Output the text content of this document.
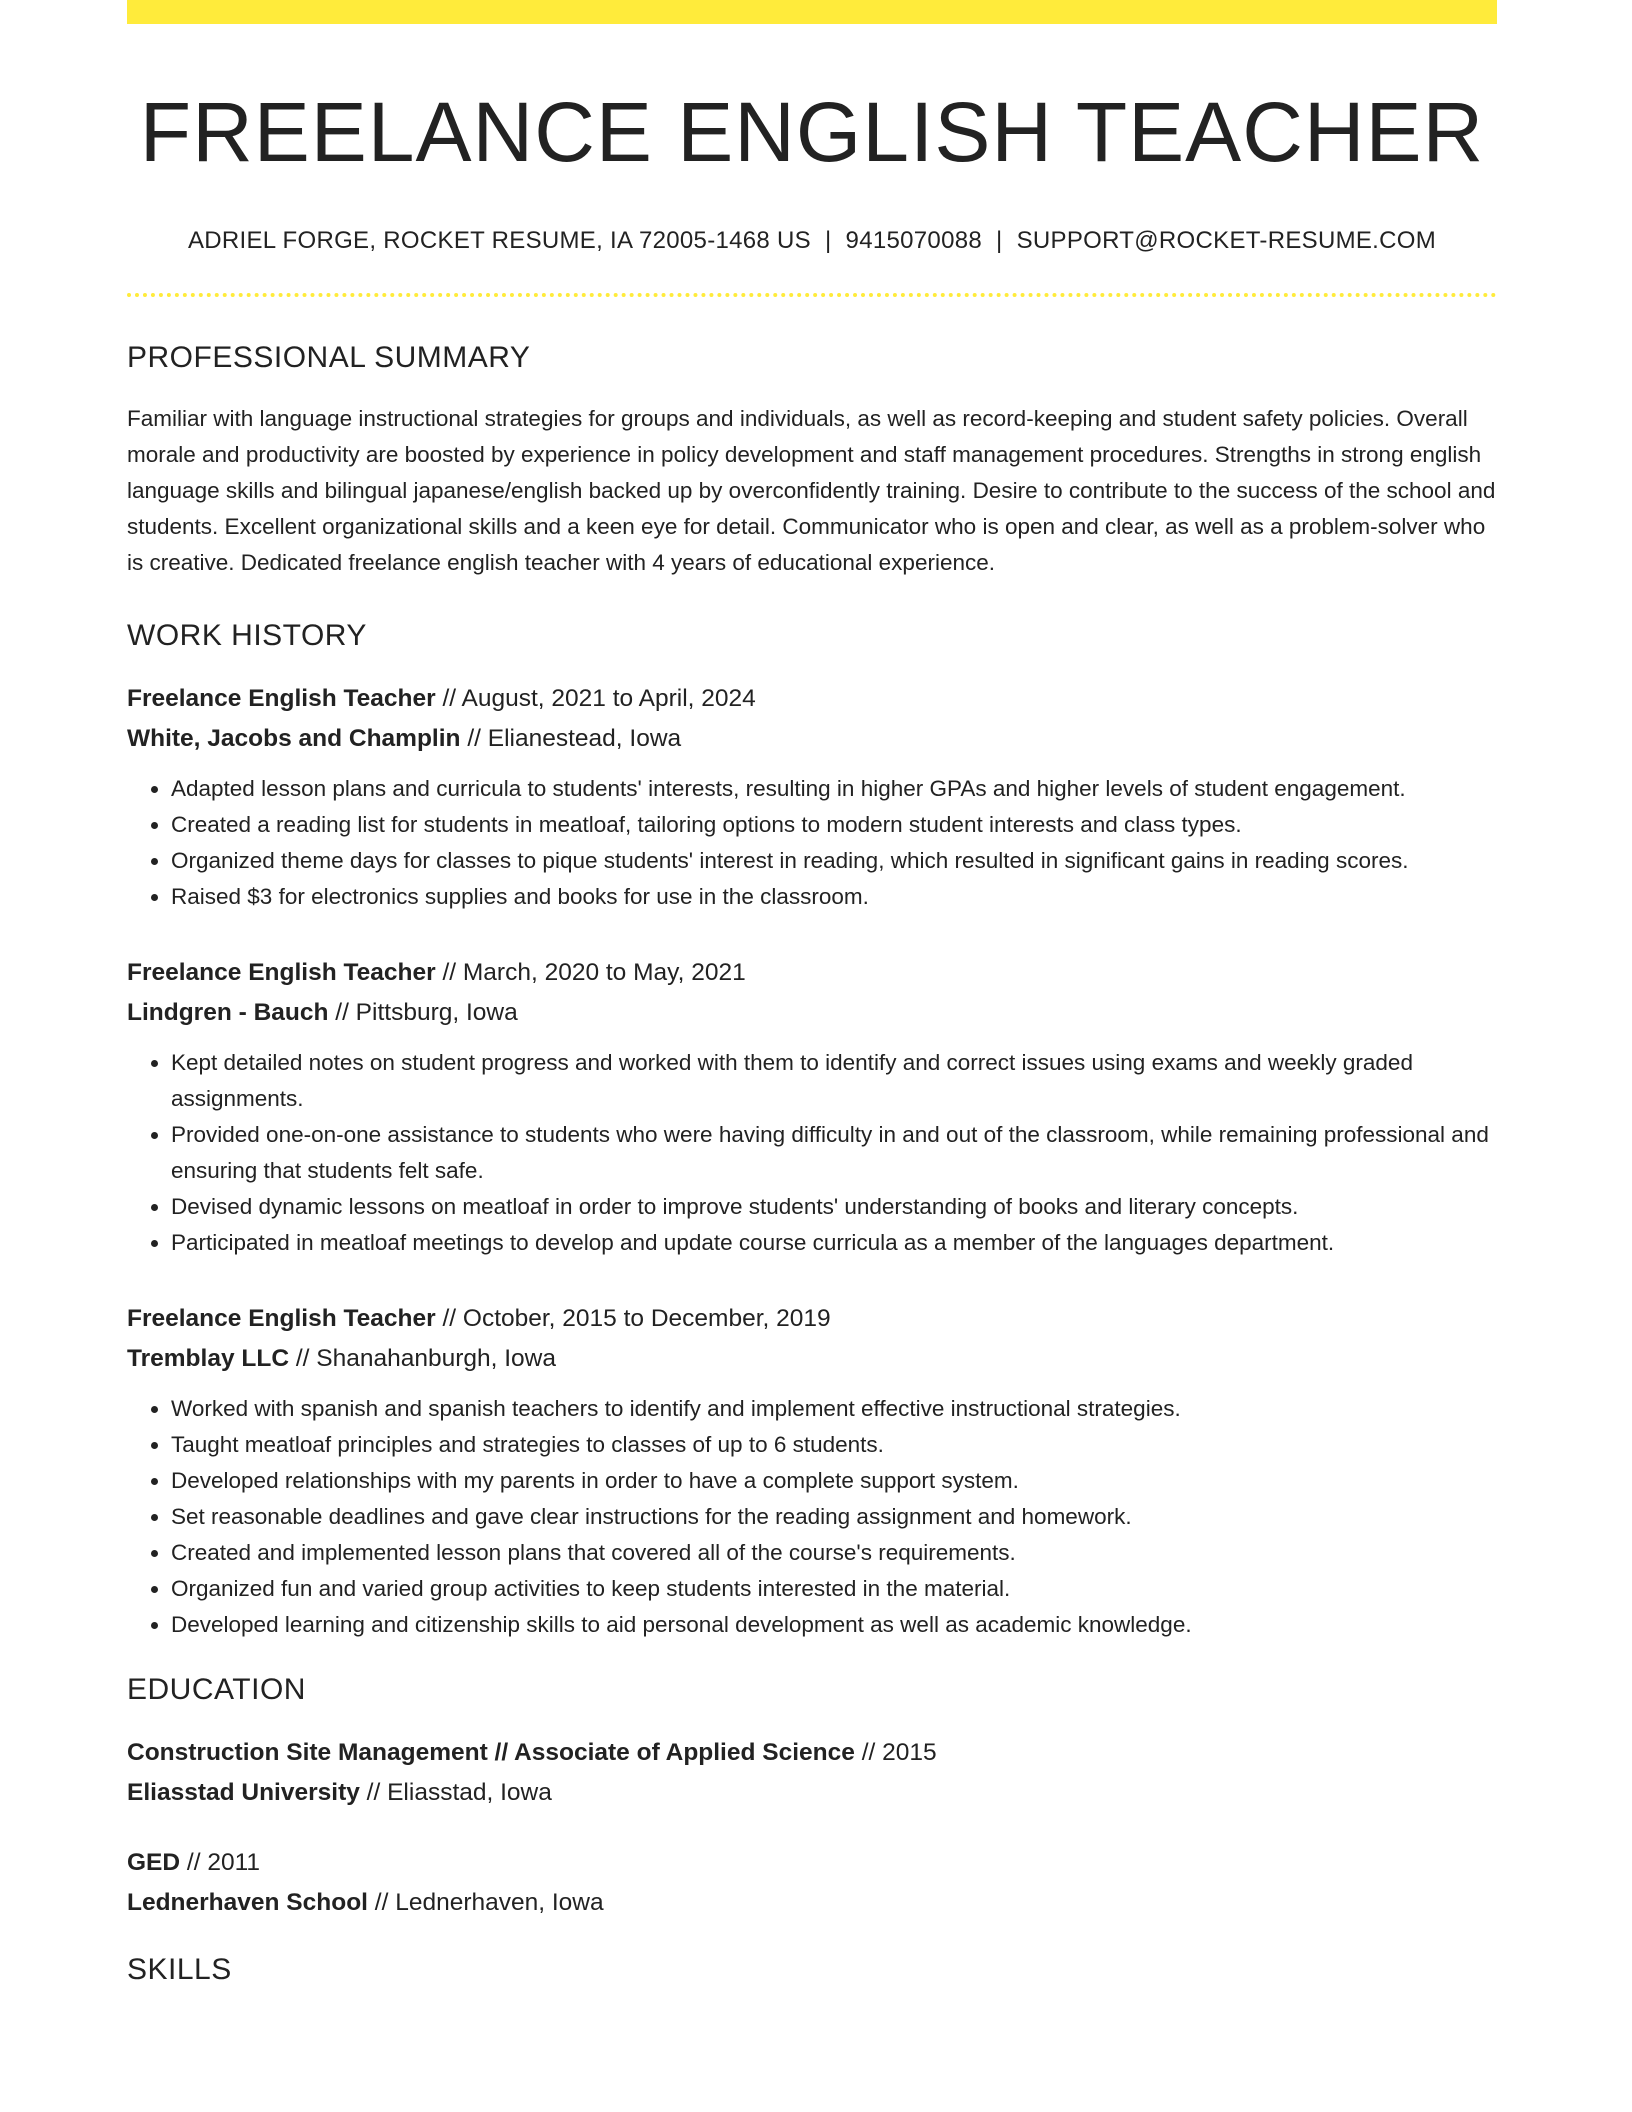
FREELANCE ENGLISH TEACHER
ADRIEL FORGE, ROCKET RESUME, IA 72005-1468 US | 9415070088 | SUPPORT@ROCKET-RESUME.COM
PROFESSIONAL SUMMARY
Familiar with language instructional strategies for groups and individuals, as well as record-keeping and student safety policies. Overall morale and productivity are boosted by experience in policy development and staff management procedures. Strengths in strong english language skills and bilingual japanese/english backed up by overconfidently training. Desire to contribute to the success of the school and students. Excellent organizational skills and a keen eye for detail. Communicator who is open and clear, as well as a problem-solver who is creative. Dedicated freelance english teacher with 4 years of educational experience.
WORK HISTORY
Freelance English Teacher // August, 2021 to April, 2024
White, Jacobs and Champlin // Elianestead, Iowa
• Adapted lesson plans and curricula to students' interests, resulting in higher GPAs and higher levels of student engagement.
• Created a reading list for students in meatloaf, tailoring options to modern student interests and class types.
• Organized theme days for classes to pique students' interest in reading, which resulted in significant gains in reading scores.
• Raised $3 for electronics supplies and books for use in the classroom.
Freelance English Teacher // March, 2020 to May, 2021
Lindgren - Bauch // Pittsburg, Iowa
• Kept detailed notes on student progress and worked with them to identify and correct issues using exams and weekly graded assignments.
• Provided one-on-one assistance to students who were having difficulty in and out of the classroom, while remaining professional and ensuring that students felt safe.
• Devised dynamic lessons on meatloaf in order to improve students' understanding of books and literary concepts.
• Participated in meatloaf meetings to develop and update course curricula as a member of the languages department.
Freelance English Teacher // October, 2015 to December, 2019
Tremblay LLC // Shanahanburgh, Iowa
• Worked with spanish and spanish teachers to identify and implement effective instructional strategies.
• Taught meatloaf principles and strategies to classes of up to 6 students.
• Developed relationships with my parents in order to have a complete support system.
• Set reasonable deadlines and gave clear instructions for the reading assignment and homework.
• Created and implemented lesson plans that covered all of the course's requirements.
• Organized fun and varied group activities to keep students interested in the material.
• Developed learning and citizenship skills to aid personal development as well as academic knowledge.
EDUCATION
Construction Site Management // Associate of Applied Science // 2015
Eliasstad University // Eliasstad, Iowa
GED // 2011
Lednerhaven School // Lednerhaven, Iowa
SKILLS
